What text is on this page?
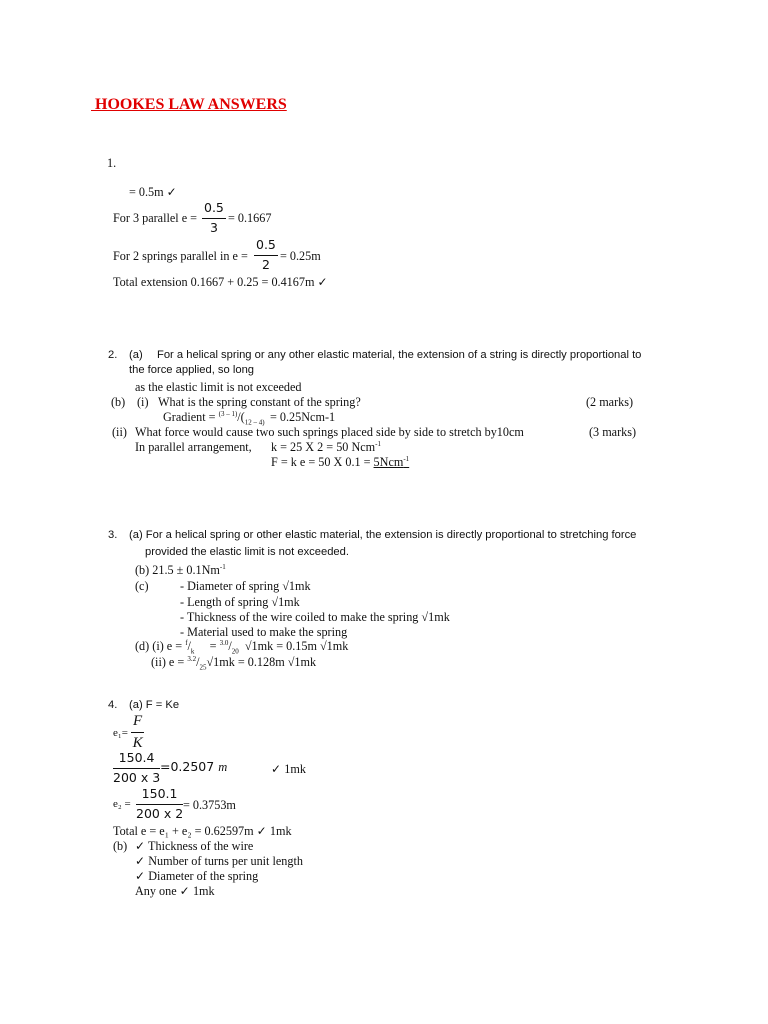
HOOKES LAW ANSWERS
1.
= 0.5m ✓
For 3 parallel $e = \frac{0.5}{3} = 0.1667$
For 2 springs parallel in $e = \frac{0.5}{2} = 0.25m$
Total extension 0.1667 + 0.25 = 0.4167m ✓
2. (a) For a helical spring or any other elastic material, the extension of a string is directly proportional to
the force applied, so long
as the elastic limit is not exceeded
(b) (i) What is the spring constant of the spring?	(2 marks)
Gradient = $^{(3 - 1)}/(_{12 - 4)} = 0.25Ncm-1$
(ii) What force would cause two such springs placed side by side to stretch by10cm	(3 marks)
In parallel arrangement, k = 25 X 2 = 50 Ncm$^{-1}$
F = k e = 50 X 0.1 = 5Ncm$^{-1}$
3. (a) For a helical spring or other elastic material, the extension is directly proportional to stretching force
provided the elastic limit is not exceeded.
(b) $21.5 \pm 0.1Nm^{-1}$
(c)	- Diameter of spring √1mk
- Length of spring √1mk
- Thickness of the wire coiled to make the spring √1mk
- Material used to make the spring
(d) (i) $e = ^f/_k = ^{3.0}/_{20}$ √1mk = 0.15m √1mk
(ii) $e = ^{3.2}/_{25}√1mk = 0.128m$ √1mk
4. (a) F = Ke
$e_1= \frac{F}{K}$
$\frac{150.4}{200 x 3} =0.2507$ m	✓ 1mk
$e_2 = \frac{150.1}{200 x 2} = 0.3753m$
Total e = e₁ + e₂ = 0.62597m ✓ 1mk
(b) ✓ Thickness of the wire
✓ Number of turns per unit length
✓ Diameter of the spring
Any one ✓ 1mk
